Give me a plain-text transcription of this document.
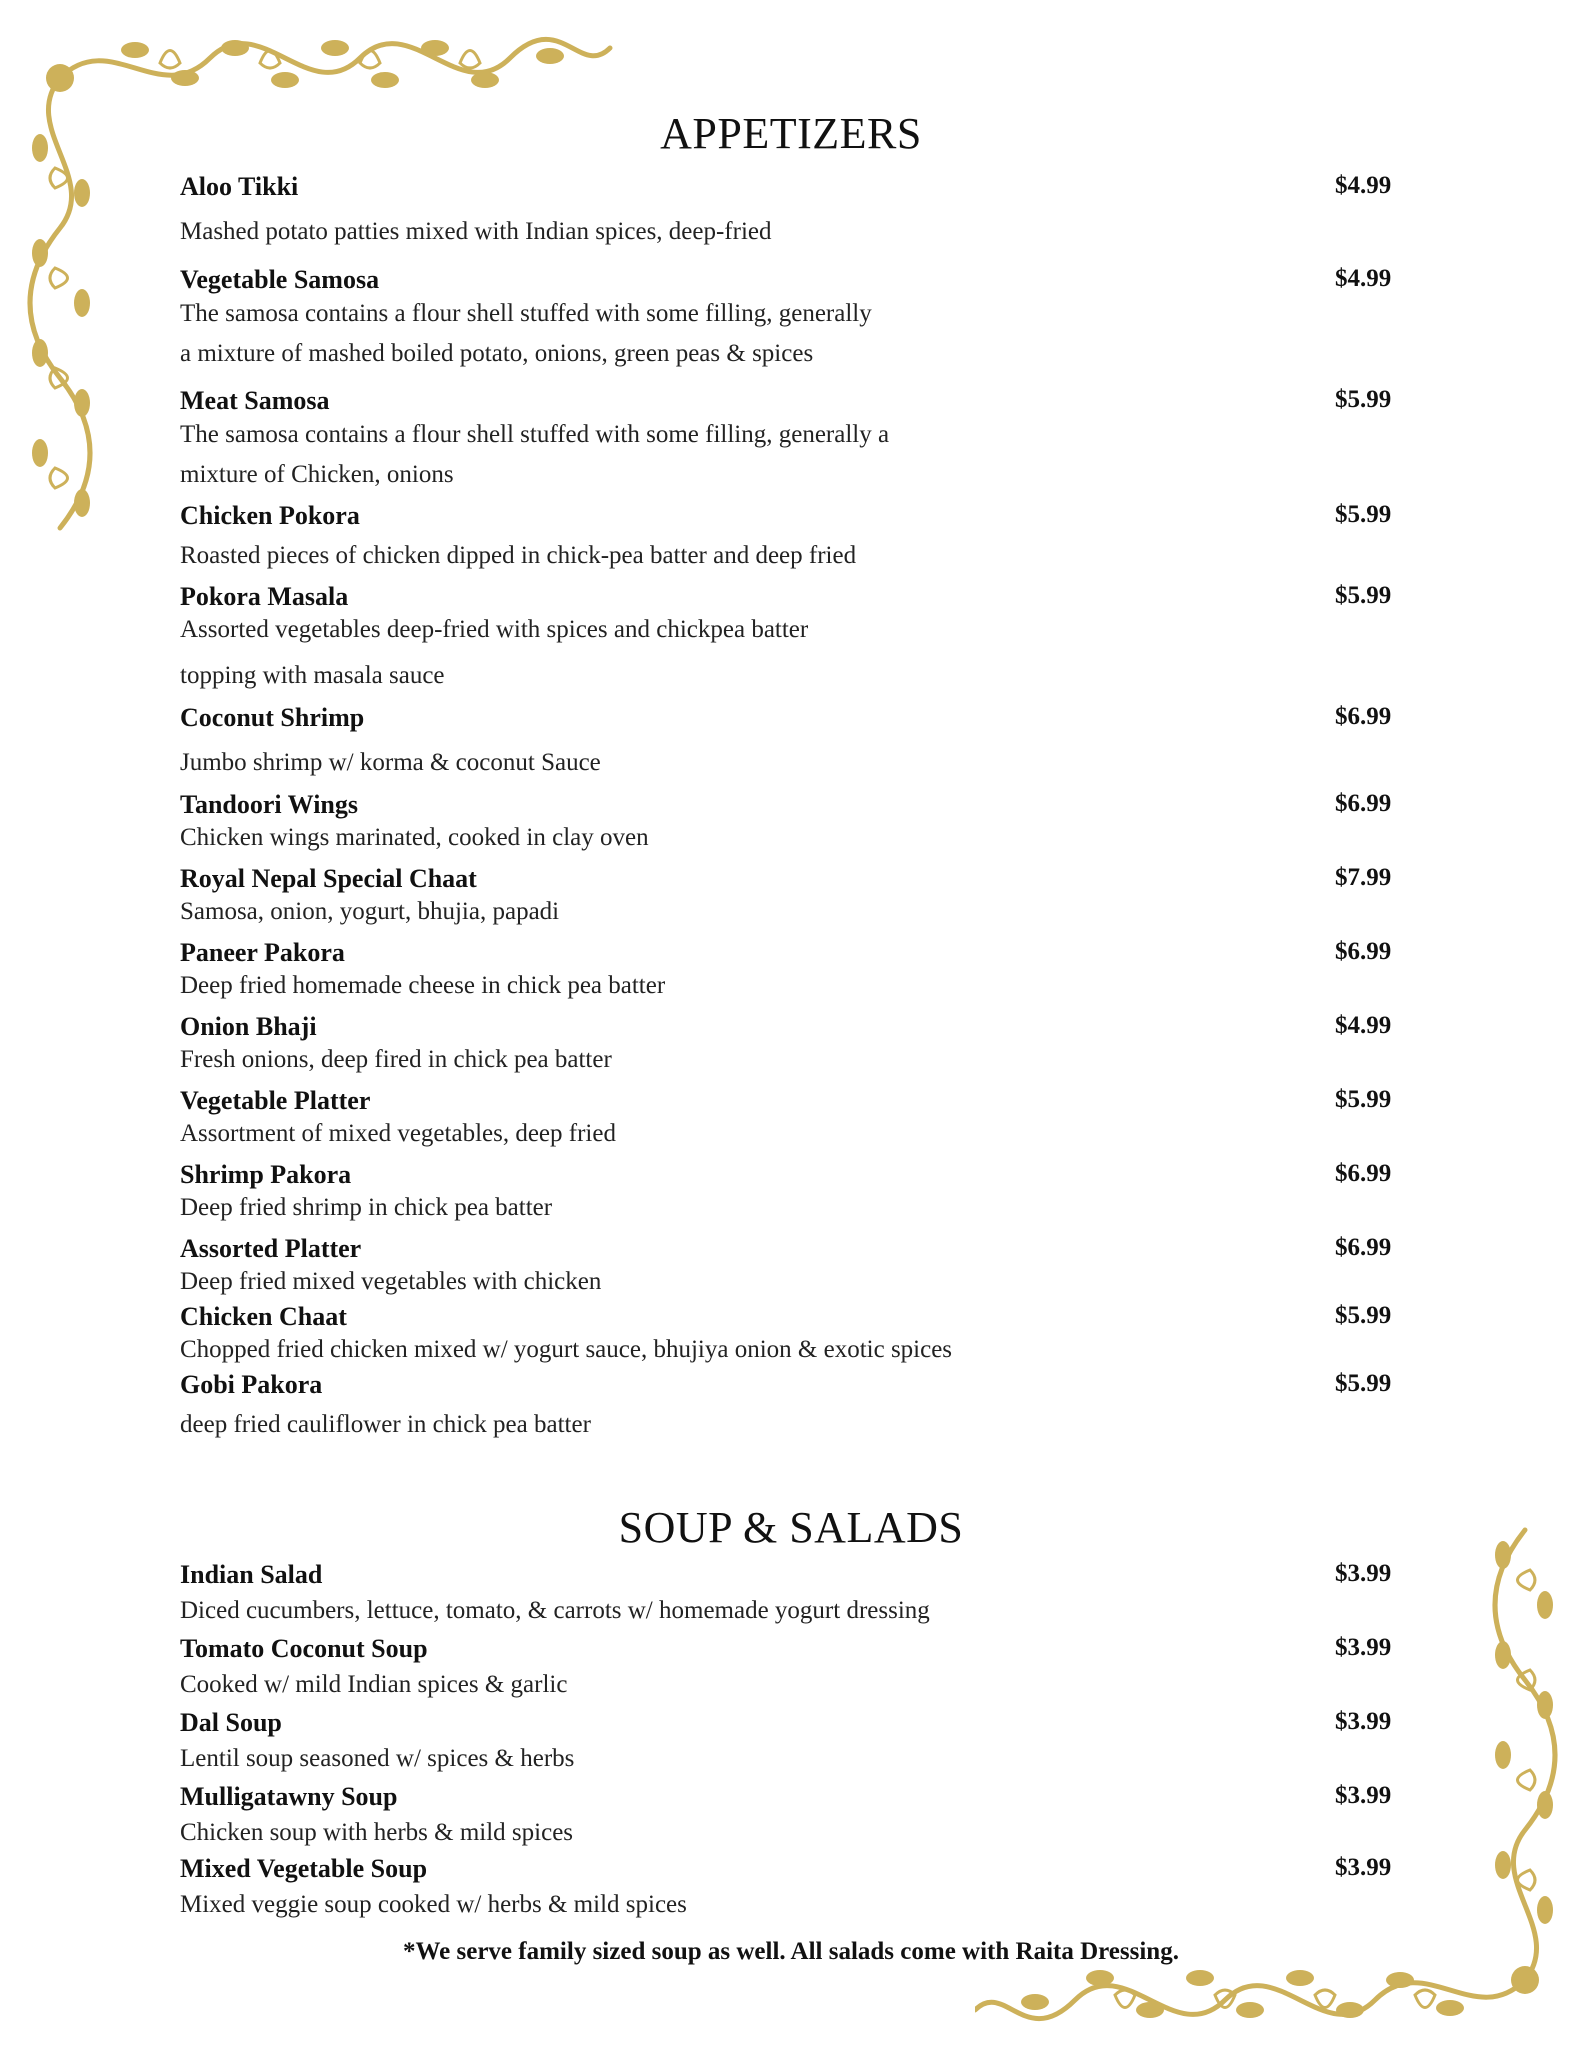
APPETIZERS
Aloo Tikki	$4.99
Mashed potato patties mixed with Indian spices, deep-fried
Vegetable Samosa	$4.99
The samosa contains a flour shell stuffed with some filling, generally
a mixture of mashed boiled potato, onions, green peas & spices
Meat Samosa	$5.99
The samosa contains a flour shell stuffed with some filling, generally a
mixture of Chicken, onions
Chicken Pokora	$5.99
Roasted pieces of chicken dipped in chick-pea batter and deep fried
Pokora Masala	$5.99
Assorted vegetables deep-fried with spices and chickpea batter
topping with masala sauce
Coconut Shrimp	$6.99
Jumbo shrimp w/ korma & coconut Sauce
Tandoori Wings	$6.99
Chicken wings marinated, cooked in clay oven
Royal Nepal Special Chaat	$7.99
Samosa, onion, yogurt, bhujia, papadi
Paneer Pakora	$6.99
Deep fried homemade cheese in chick pea batter
Onion Bhaji	$4.99
Fresh onions, deep fired in chick pea batter
Vegetable Platter	$5.99
Assortment of mixed vegetables, deep fried
Shrimp Pakora	$6.99
Deep fried shrimp in chick pea batter
Assorted Platter	$6.99
Deep fried mixed vegetables with chicken
Chicken Chaat	$5.99
Chopped fried chicken mixed w/ yogurt sauce, bhujiya onion & exotic spices
Gobi Pakora	$5.99
deep fried cauliflower in chick pea batter
SOUP & SALADS
Indian Salad	$3.99
Diced cucumbers, lettuce, tomato, & carrots w/ homemade yogurt dressing
Tomato Coconut Soup	$3.99
Cooked w/ mild Indian spices & garlic
Dal Soup	$3.99
Lentil soup seasoned w/ spices & herbs
Mulligatawny Soup	$3.99
Chicken soup with herbs & mild spices
Mixed Vegetable Soup	$3.99
Mixed veggie soup cooked w/ herbs & mild spices
*We serve family sized soup as well. All salads come with Raita Dressing.
